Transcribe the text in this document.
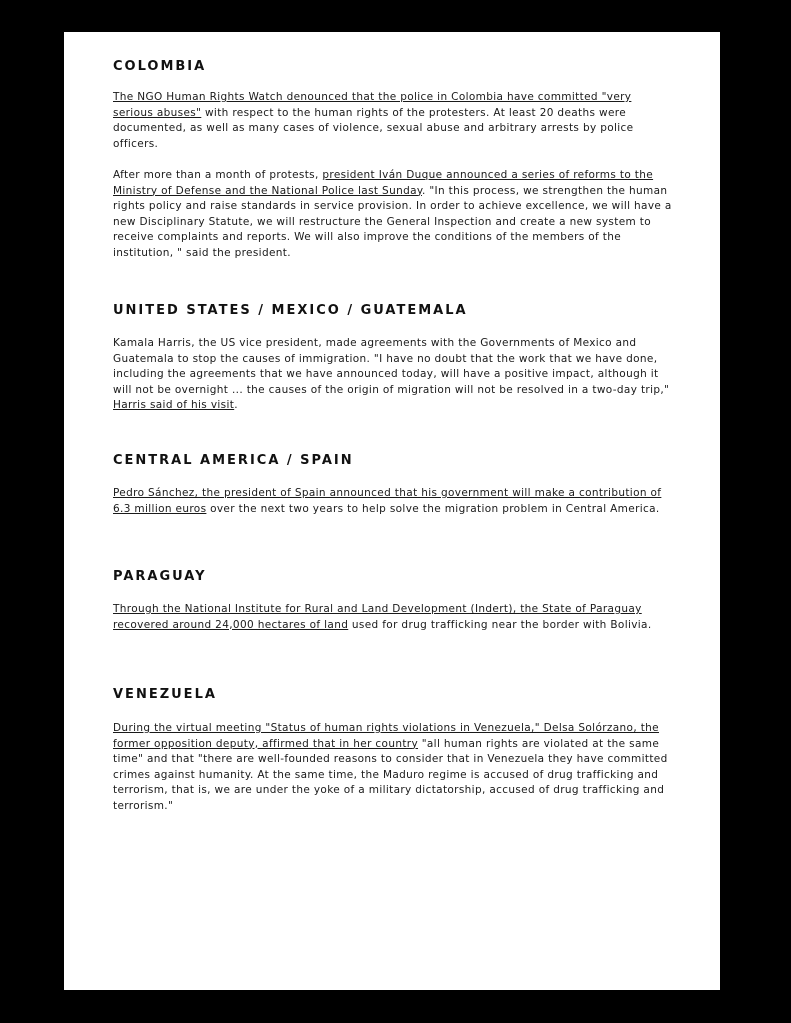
COLOMBIA

The NGO Human Rights Watch denounced that the police in Colombia have committed "very serious abuses" with respect to the human rights of the protesters. At least 20 deaths were documented, as well as many cases of violence, sexual abuse and arbitrary arrests by police officers.

After more than a month of protests, president Iván Duque announced a series of reforms to the Ministry of Defense and the National Police last Sunday. "In this process, we strengthen the human rights policy and raise standards in service provision. In order to achieve excellence, we will have a new Disciplinary Statute, we will restructure the General Inspection and create a new system to receive complaints and reports. We will also improve the conditions of the members of the institution, " said the president.

UNITED STATES / MEXICO / GUATEMALA

Kamala Harris, the US vice president, made agreements with the Governments of Mexico and Guatemala to stop the causes of immigration. "I have no doubt that the work that we have done, including the agreements that we have announced today, will have a positive impact, although it will not be overnight ... the causes of the origin of migration will not be resolved in a two-day trip," Harris said of his visit.

CENTRAL AMERICA / SPAIN

Pedro Sánchez, the president of Spain announced that his government will make a contribution of 6.3 million euros over the next two years to help solve the migration problem in Central America.

PARAGUAY

Through the National Institute for Rural and Land Development (Indert), the State of Paraguay recovered around 24,000 hectares of land used for drug trafficking near the border with Bolivia.

VENEZUELA

During the virtual meeting "Status of human rights violations in Venezuela," Delsa Solórzano, the former opposition deputy, affirmed that in her country "all human rights are violated at the same time" and that "there are well-founded reasons to consider that in Venezuela they have committed crimes against humanity. At the same time, the Maduro regime is accused of drug trafficking and terrorism, that is, we are under the yoke of a military dictatorship, accused of drug trafficking and terrorism."
